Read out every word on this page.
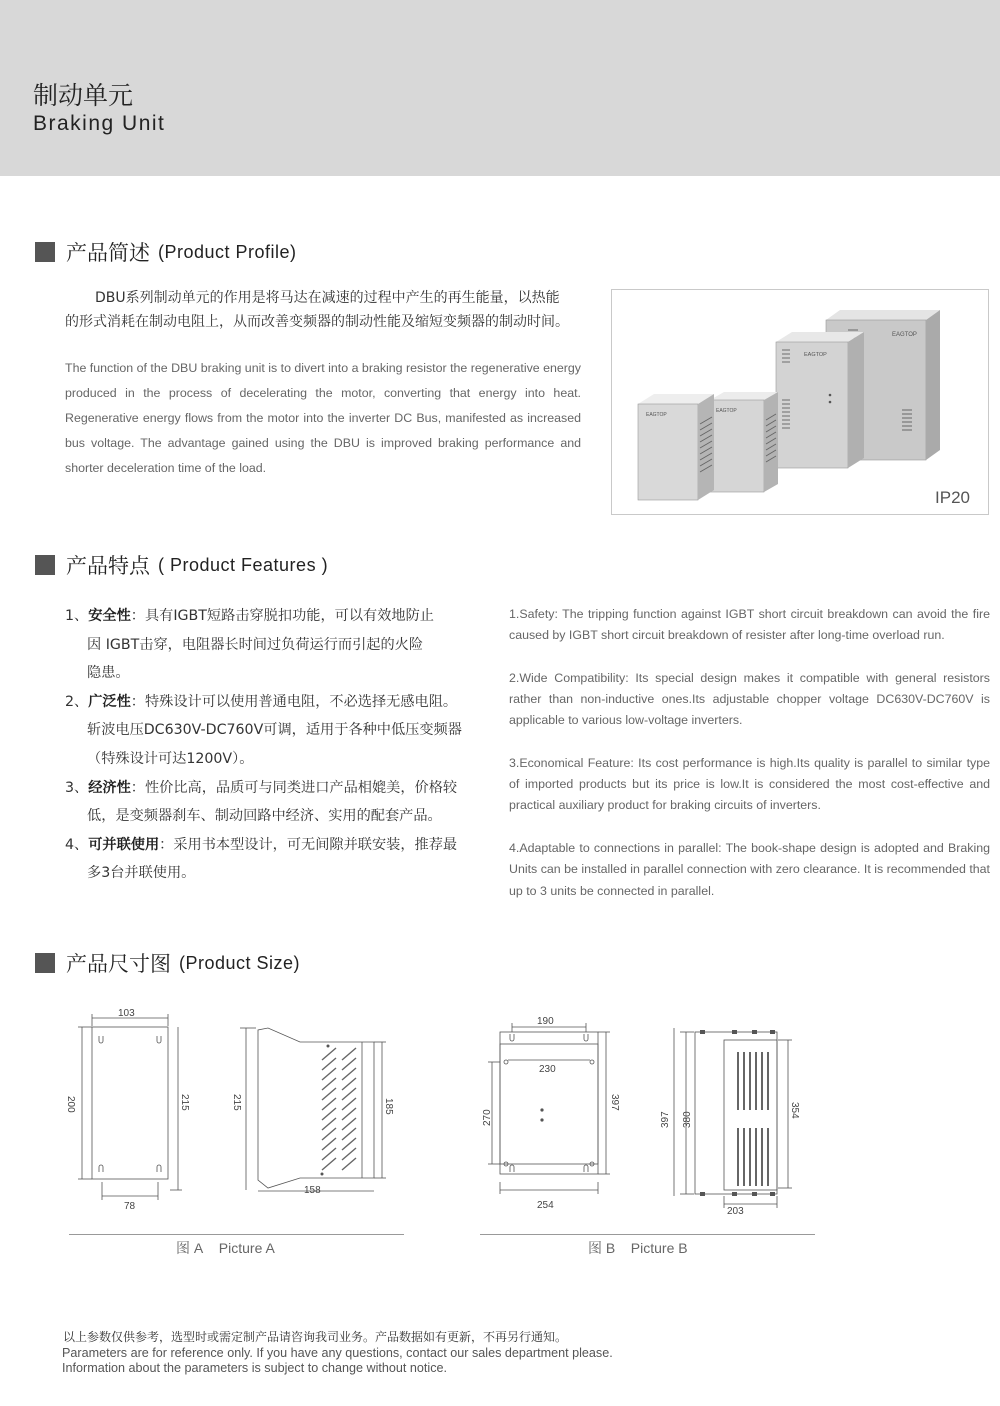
制动单元
Braking Unit
产品简述 (Product Profile)

DBU系列制动单元的作用是将马达在减速的过程中产生的再生能量，以热能

的形式消耗在制动电阻上，从而改善变频器的制动性能及缩短变频器的制动时间。

The function of the DBU braking unit is to divert into a braking resistor the regenerative energy produced in the process of decelerating the motor, converting that energy into heat. Regenerative energy flows from the motor into the inverter DC Bus, manifested as increased bus voltage. The advantage gained using the DBU is improved braking performance and shorter deceleration time of the load.
EAGTOP
EAGTOP
EAGTOP
EAGTOP
IP20
产品特点 ( Product Features )
1、安全性：具有IGBT短路击穿脱扣功能，可以有效地防止
因 IGBT击穿，电阻器长时间过负荷运行而引起的火险
隐患。
2、广泛性：特殊设计可以使用普通电阻，不必选择无感电阻。
斩波电压DC630V-DC760V可调，适用于各种中低压变频器
（特殊设计可达1200V）。
3、经济性：性价比高，品质可与同类进口产品相媲美，价格较
低，是变频器刹车、制动回路中经济、实用的配套产品。
4、可并联使用：采用书本型设计，可无间隙并联安装，推荐最
多3台并联使用。

1.Safety: The tripping function against IGBT short circuit breakdown can avoid the fire caused by IGBT short circuit breakdown of resister after long-time overload run.

2.Wide Compatibility: Its special design makes it compatible with general resistors rather than non-inductive ones.Its adjustable chopper voltage DC630V-DC760V is applicable to various low-voltage inverters.

3.Economical Feature: Its cost performance is high.Its quality is parallel to similar type of imported products but its price is low.It is considered the most cost-effective and practical auxiliary product for braking circuits of inverters.

4.Adaptable to connections in parallel: The book-shape design is adopted and Braking Units can be installed in parallel connection with zero clearance. It is recommended that up to 3 units be connected in parallel.

产品尺寸图 (Product Size)
103
78
200	215	215	185
158
190
230
254
270
397
397 380
354
203
图 A Picture A	图 B Picture B
以上参数仅供参考，选型时或需定制产品请咨询我司业务。产品数据如有更新，不再另行通知。
Parameters are for reference only. If you have any questions, contact our sales department please.
Information about the parameters is subject to change without notice.
